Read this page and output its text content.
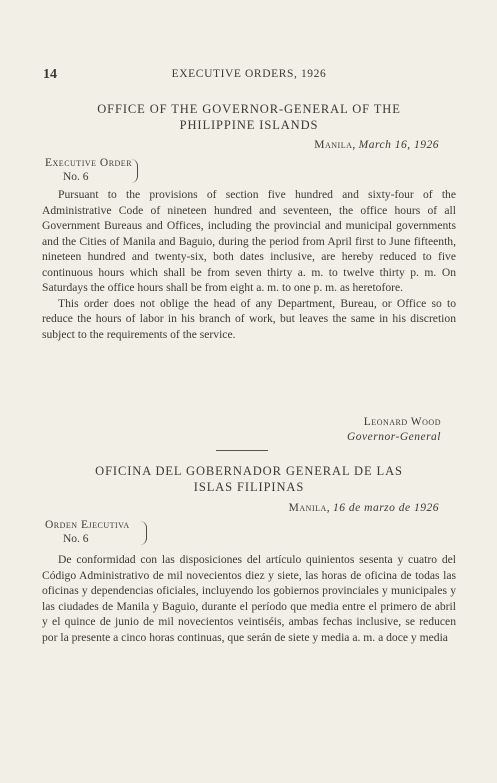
14	EXECUTIVE ORDERS, 1926
OFFICE OF THE GOVERNOR-GENERAL OF THE
PHILIPPINE ISLANDS
Manila, March 16, 1926
Executive Order
No. 6

Pursuant to the provisions of section five hundred and sixty-four of the Administrative Code of nineteen hundred and seventeen, the office hours of all Government Bureaus and Offices, including the provincial and municipal governments and the Cities of Manila and Baguio, during the period from April first to June fifteenth, nineteen hundred and twenty-six, both dates inclusive, are hereby reduced to five continuous hours which shall be from seven thirty a. m. to twelve thirty p. m. On Saturdays the office hours shall be from eight a. m. to one p. m. as heretofore.

This order does not oblige the head of any Department, Bureau, or Office so to reduce the hours of labor in his branch of work, but leaves the same in his discretion subject to the requirements of the service.

Leonard Wood
Governor-General
OFICINA DEL GOBERNADOR GENERAL DE LAS
ISLAS FILIPINAS
Manila, 16 de marzo de 1926
Orden Ejecutiva
No. 6

De conformidad con las disposiciones del artículo quinientos sesenta y cuatro del Código Administrativo de mil novecientos diez y siete, las horas de oficina de todas las oficinas y dependencias oficiales, incluyendo los gobiernos provinciales y municipales y las ciudades de Manila y Baguio, durante el período que media entre el primero de abril y el quince de junio de mil novecientos veintiséis, ambas fechas inclusive, se reducen por la presente a cinco horas continuas, que serán de siete y media a. m. a doce y media
